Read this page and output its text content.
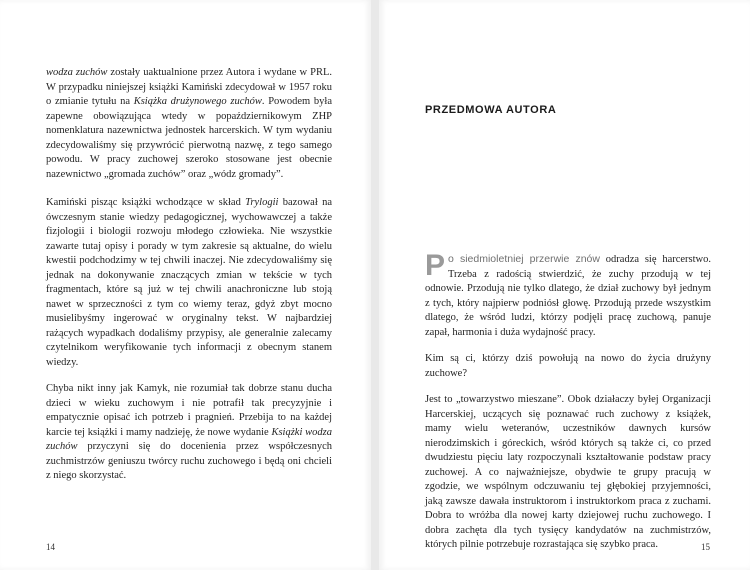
wodza zuchów zostały uaktualnione przez Autora i wydane w PRL. W przypadku niniejszej książki Kamiński zdecydował w 1957 roku o zmianie tytułu na Książka drużynowego zuchów. Powodem była zapewne obowiązująca wtedy w popaździernikowym ZHP nomenklatura nazewnictwa jednostek harcerskich. W tym wydaniu zdecydowaliśmy się przywrócić pierwotną nazwę, z tego samego powodu. W pracy zuchowej szeroko stosowane jest obecnie nazewnictwo „gromada zuchów” oraz „wódz gromady”.

Kamiński pisząc książki wchodzące w skład Trylogii bazował na ówczesnym stanie wiedzy pedagogicznej, wychowawczej a także fizjologii i biologii rozwoju młodego człowieka. Nie wszystkie zawarte tutaj opisy i porady w tym zakresie są aktualne, do wielu kwestii podchodzimy w tej chwili inaczej. Nie zdecydowaliśmy się jednak na dokonywanie znaczących zmian w tekście w tych fragmentach, które są już w tej chwili anachroniczne lub stoją nawet w sprzeczności z tym co wiemy teraz, gdyż zbyt mocno musielibyśmy ingerować w oryginalny tekst. W najbardziej rażących wypadkach dodaliśmy przypisy, ale generalnie zalecamy czytelnikom weryfikowanie tych informacji z obecnym stanem wiedzy.

Chyba nikt inny jak Kamyk, nie rozumiał tak dobrze stanu ducha dzieci w wieku zuchowym i nie potrafił tak precyzyjnie i empatycznie opisać ich potrzeb i pragnień. Przebija to na każdej karcie tej książki i mamy nadzieję, że nowe wydanie Książki wodza zuchów przyczyni się do docenienia przez współczesnych zuchmistrzów geniuszu twórcy ruchu zuchowego i będą oni chcieli z niego skorzystać.

14
PRZEDMOWA AUTORA

Po siedmioletniej przerwie znów odradza się harcerstwo. Trzeba z radością stwierdzić, że zuchy przodują w tej odnowie. Przodują nie tylko dlatego, że dział zuchowy był jednym z tych, który najpierw podniósł głowę. Przodują przede wszystkim dlatego, że wśród ludzi, którzy podjęli pracę zuchową, panuje zapał, harmonia i duża wydajność pracy.

Kim są ci, którzy dziś powołują na nowo do życia drużyny zuchowe?

Jest to „towarzystwo mieszane”. Obok działaczy byłej Organizacji Harcerskiej, uczących się poznawać ruch zuchowy z książek, mamy wielu weteranów, uczestników dawnych kursów nierodzimskich i góreckich, wśród których są także ci, co przed dwudziestu pięciu laty rozpoczynali kształtowanie podstaw pracy zuchowej. A co najważniejsze, obydwie te grupy pracują w zgodzie, we wspólnym odczuwaniu tej głębokiej przyjemności, jaką zawsze dawała instruktorom i instruktorkom praca z zuchami. Dobra to wróżba dla nowej karty dziejowej ruchu zuchowego. I dobra zachęta dla tych tysięcy kandydatów na zuchmistrzów, których pilnie potrzebuje rozrastająca się szybko praca.	15
